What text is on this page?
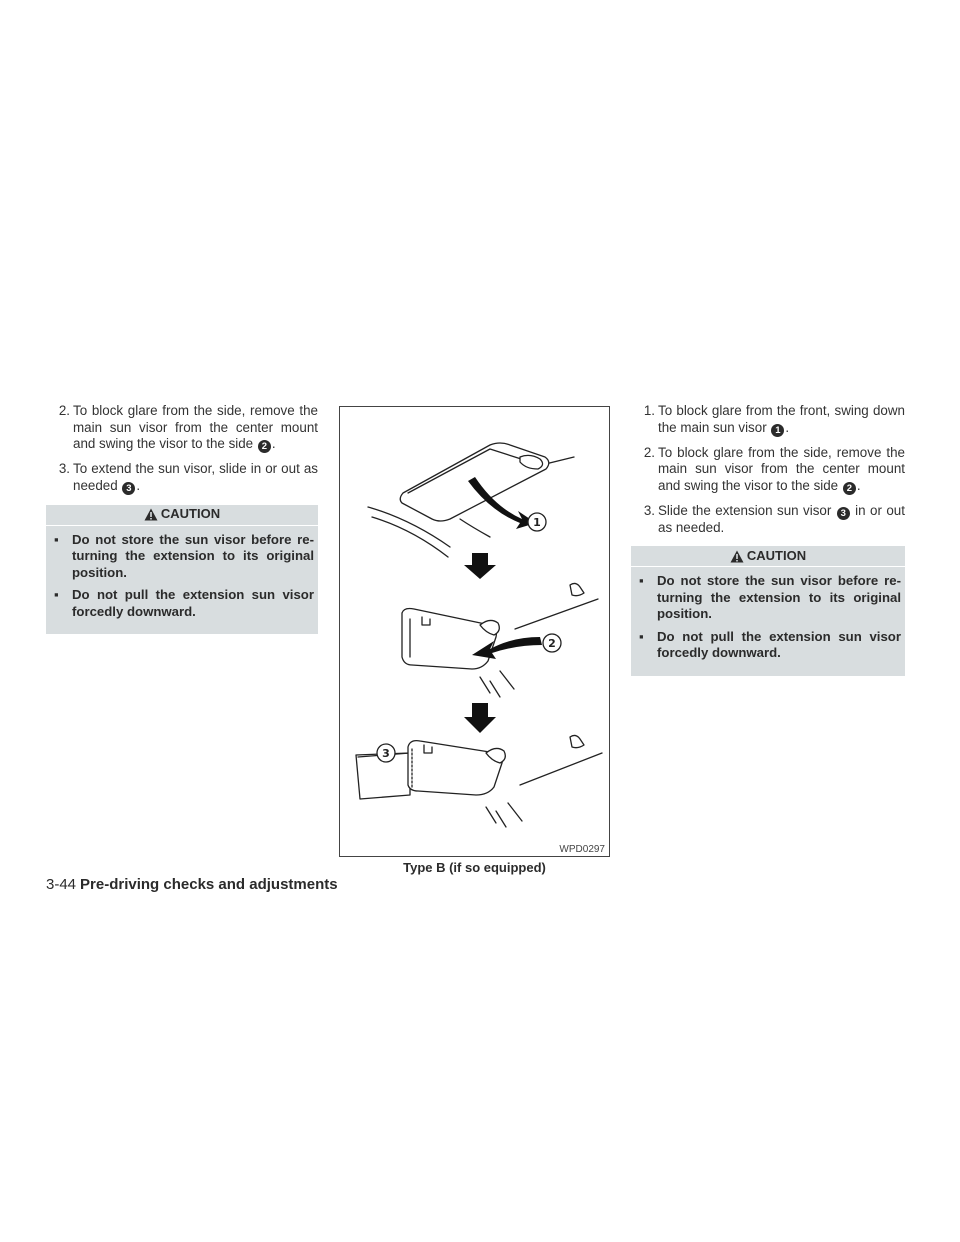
2. To block glare from the side, remove the main sun visor from the center mount and swing the visor to the side 2 .
3. To extend the sun visor, slide in or out as needed 3 .
CAUTION
▪ Do not store the sun visor before re- turning the extension to its original position.
▪ Do not pull the extension sun visor forcedly downward.
1
2
3
WPD0297
Type B (if so equipped)
1. To block glare from the front, swing down the main sun visor 1 .
2. To block glare from the side, remove the main sun visor from the center mount and swing the visor to the side 2 .
3. Slide the extension sun visor 3 in or out as needed.
CAUTION
▪ Do not store the sun visor before re- turning the extension to its original position.
▪ Do not pull the extension sun visor forcedly downward.
3-44 Pre-driving checks and adjustments
